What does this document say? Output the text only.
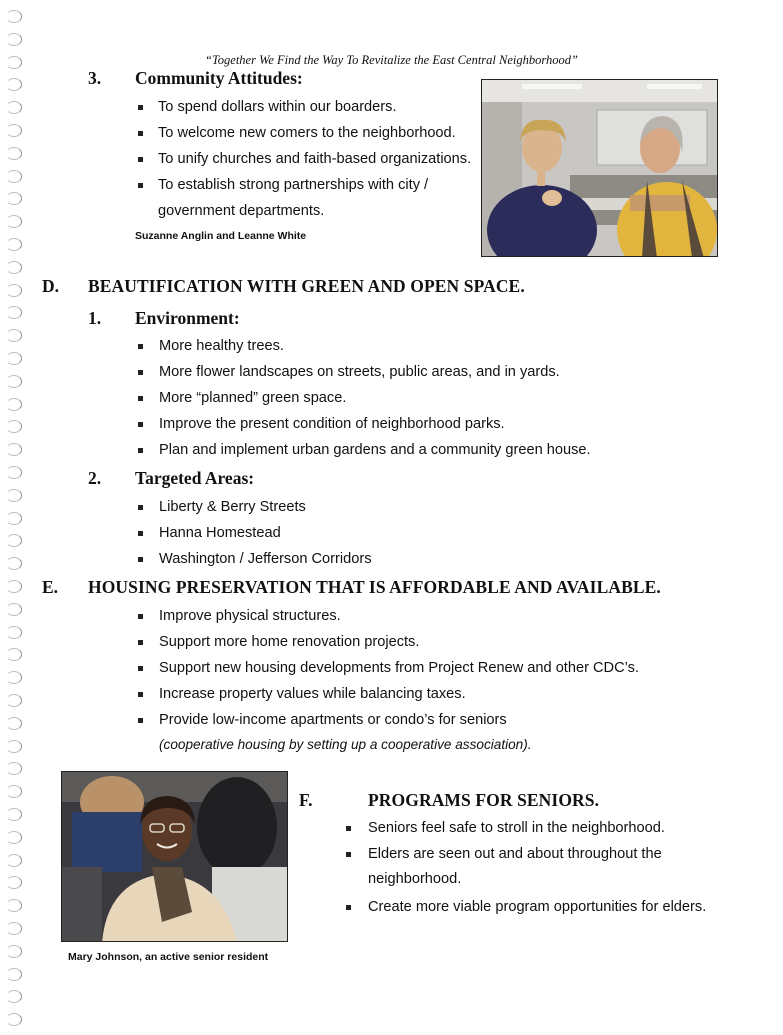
“Together We Find the Way To Revitalize the East Central Neighborhood”
3. Community Attitudes:
To spend dollars within our boarders.
To welcome new comers to the neighborhood.
To unify churches and faith-based organizations.
To establish strong partnerships with city /
government departments.
Suzanne Anglin and Leanne White
D. BEAUTIFICATION WITH GREEN AND OPEN SPACE.
1. Environment:
More healthy trees.
More flower landscapes on streets, public areas, and in yards.
More “planned” green space.
Improve the present condition of neighborhood parks.
Plan and implement urban gardens and a community green house.
2. Targeted Areas:
Liberty & Berry Streets
Hanna Homestead
Washington / Jefferson Corridors
E. HOUSING PRESERVATION THAT IS AFFORDABLE AND AVAILABLE.
Improve physical structures.
Support more home renovation projects.
Support new housing developments from Project Renew and other CDC’s.
Increase property values while balancing taxes.
Provide low-income apartments or condo’s for seniors
(cooperative housing by setting up a cooperative association).
Mary Johnson, an active senior resident
F.	PROGRAMS FOR SENIORS.
Seniors feel safe to stroll in the neighborhood.
Elders are seen out and about throughout the
neighborhood.
Create more viable program opportunities for elders.
